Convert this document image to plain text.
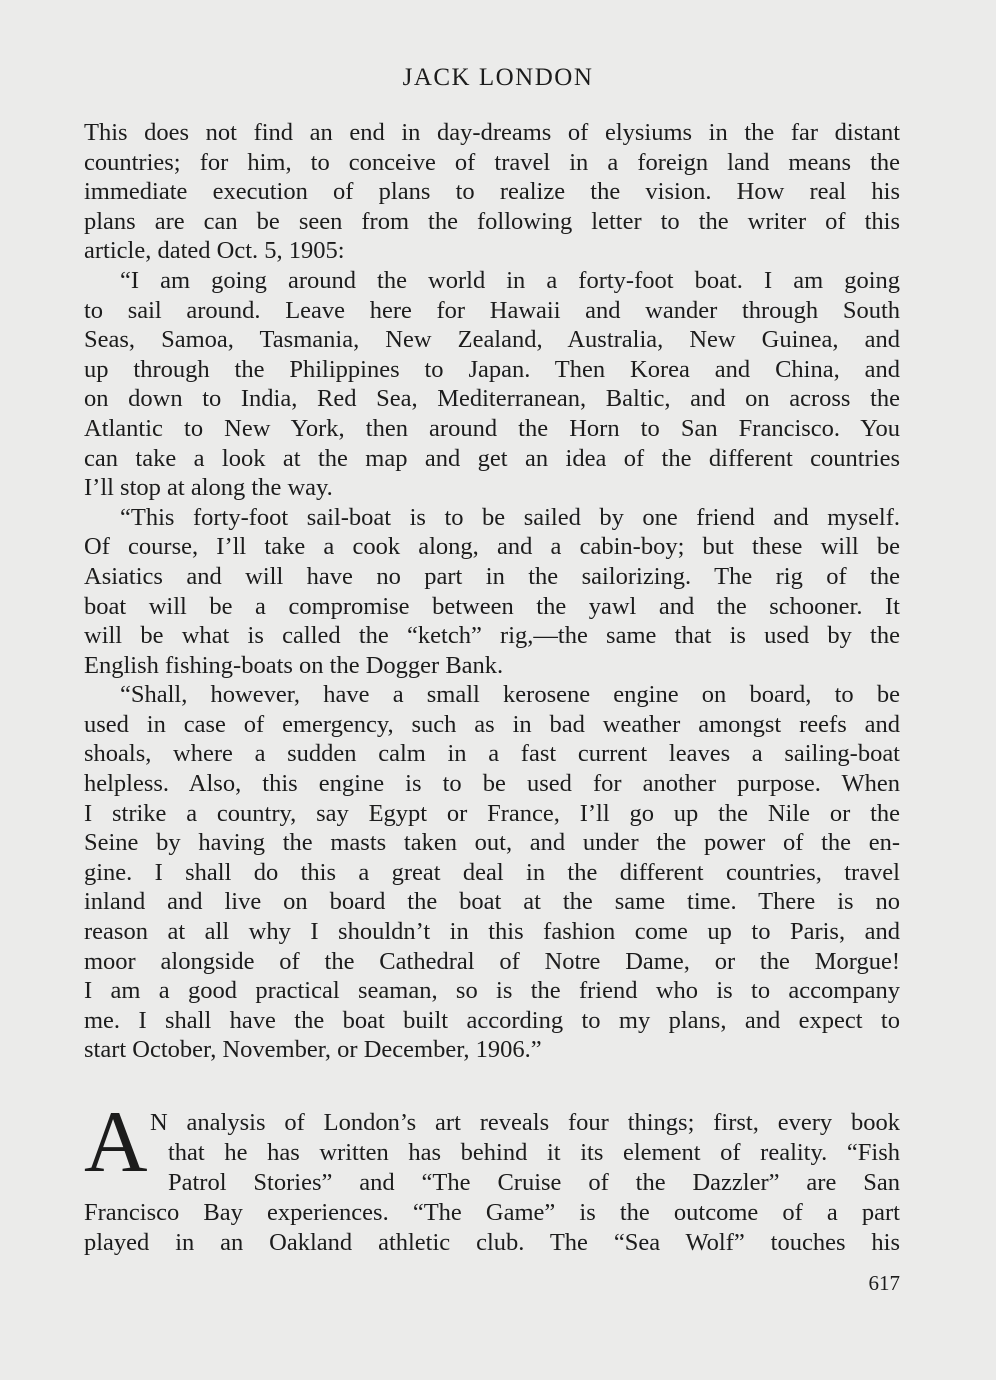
JACK LONDON

This does not find an end in day-dreams of elysiums in the far distant
countries; for him, to conceive of travel in a foreign land means the
immediate execution of plans to realize the vision. How real his
plans are can be seen from the following letter to the writer of this
article, dated Oct. 5, 1905:

“I am going around the world in a forty-foot boat. I am going
to sail around. Leave here for Hawaii and wander through South
Seas, Samoa, Tasmania, New Zealand, Australia, New Guinea, and
up through the Philippines to Japan. Then Korea and China, and
on down to India, Red Sea, Mediterranean, Baltic, and on across the
Atlantic to New York, then around the Horn to San Francisco. You
can take a look at the map and get an idea of the different countries
I’ll stop at along the way.

“This forty-foot sail-boat is to be sailed by one friend and myself.
Of course, I’ll take a cook along, and a cabin-boy; but these will be
Asiatics and will have no part in the sailorizing. The rig of the
boat will be a compromise between the yawl and the schooner. It
will be what is called the “ketch” rig,—the same that is used by the
English fishing-boats on the Dogger Bank.

“Shall, however, have a small kerosene engine on board, to be
used in case of emergency, such as in bad weather amongst reefs and
shoals, where a sudden calm in a fast current leaves a sailing-boat
helpless. Also, this engine is to be used for another purpose. When
I strike a country, say Egypt or France, I’ll go up the Nile or the
Seine by having the masts taken out, and under the power of the en-
gine. I shall do this a great deal in the different countries, travel
inland and live on board the boat at the same time. There is no
reason at all why I shouldn’t in this fashion come up to Paris, and
moor alongside of the Cathedral of Notre Dame, or the Morgue!
I am a good practical seaman, so is the friend who is to accompany
me. I shall have the boat built according to my plans, and expect to
start October, November, or December, 1906.”

A N analysis of London’s art reveals four things; first, every book
that he has written has behind it its element of reality. “Fish
Patrol Stories” and “The Cruise of the Dazzler” are San
Francisco Bay experiences. “The Game” is the outcome of a part
played in an Oakland athletic club. The “Sea Wolf” touches his
617
